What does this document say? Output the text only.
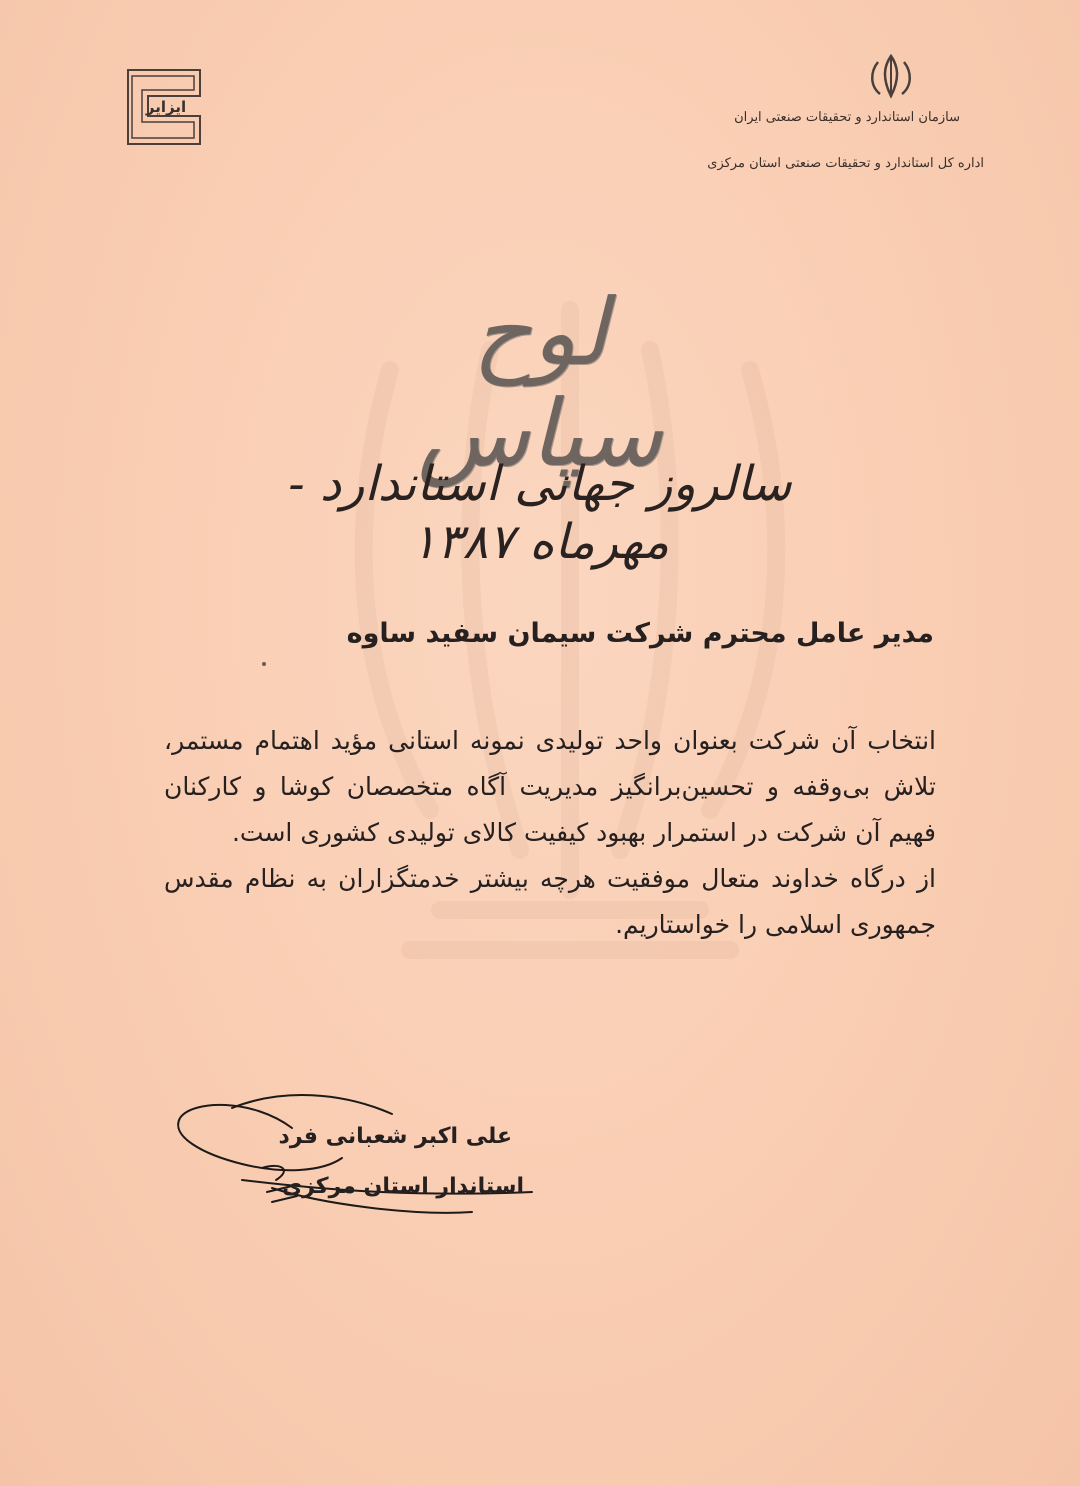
ایزایر
سازمان استاندارد و تحقیقات صنعتی ایران
اداره کل استاندارد و تحقیقات صنعتی استان مرکزی
لوح سپاس
سالروز جهانی استاندارد - مهرماه ۱۳۸۷
مدیر عامل محترم شرکت سیمان سفید ساوه

انتخاب آن شرکت بعنوان واحد تولیدی نمونه استانی مؤید اهتمام مستمر، تلاش بی‌وقفه و تحسین‌برانگیز مدیریت آگاه متخصصان کوشا و کارکنان فهیم آن شرکت در استمرار بهبود کیفیت کالای تولیدی کشوری است.

از درگاه خداوند متعال موفقیت هرچه بیشتر خدمتگزاران به نظام مقدس جمهوری اسلامی را خواستاریم.

علی اکبر شعبانی فرد
استاندار استان مرکزی
